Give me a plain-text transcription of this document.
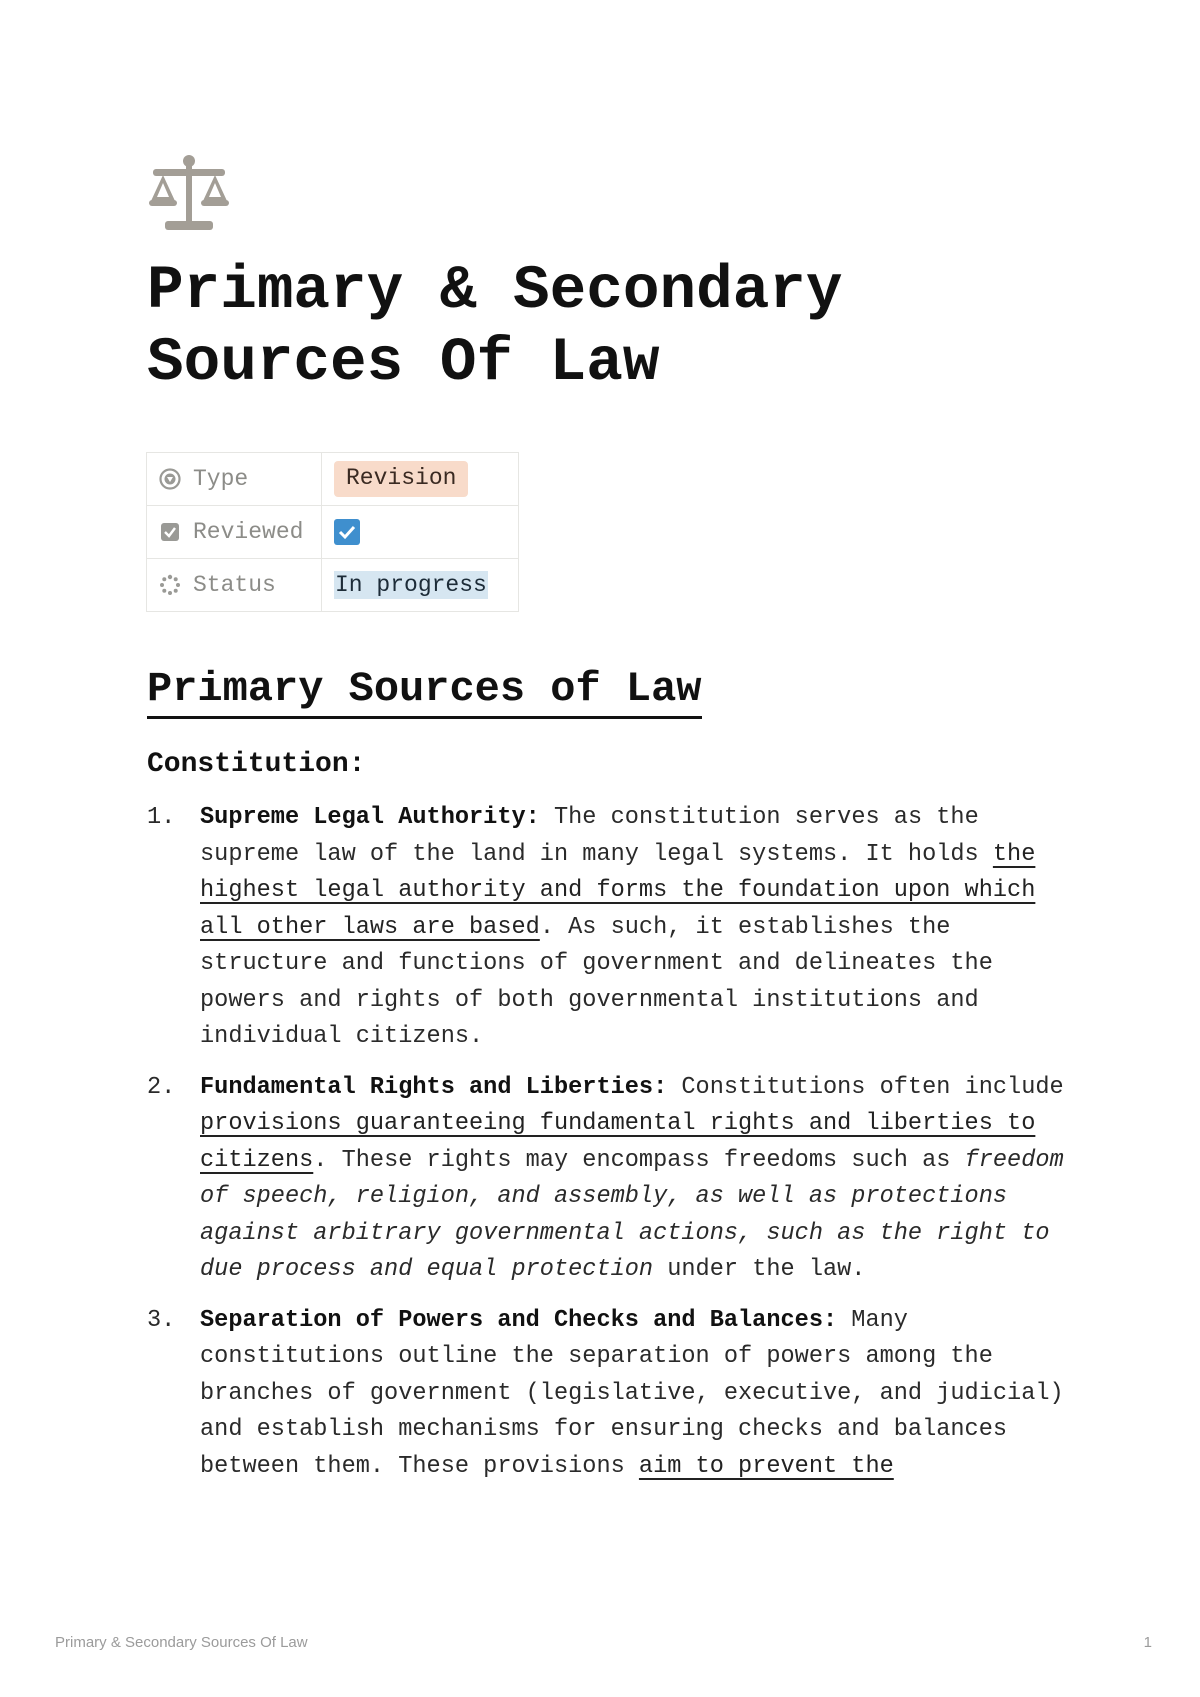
Primary & Secondary Sources Of Law
Type	Revision

Reviewed

Status	In progress
Primary Sources of Law
Constitution:
1.	Supreme Legal Authority: The constitution serves as the supreme law of the land in many legal systems. It holds the highest legal authority and forms the foundation upon which all other laws are based. As such, it establishes the structure and functions of government and delineates the powers and rights of both governmental institutions and individual citizens.
2.	Fundamental Rights and Liberties: Constitutions often include provisions guaranteeing fundamental rights and liberties to citizens. These rights may encompass freedoms such as freedom of speech, religion, and assembly, as well as protections against arbitrary governmental actions, such as the right to due process and equal protection under the law.
3.	Separation of Powers and Checks and Balances: Many constitutions outline the separation of powers among the branches of government (legislative, executive, and judicial) and establish mechanisms for ensuring checks and balances between them. These provisions aim to prevent the
Primary & Secondary Sources Of Law	1
